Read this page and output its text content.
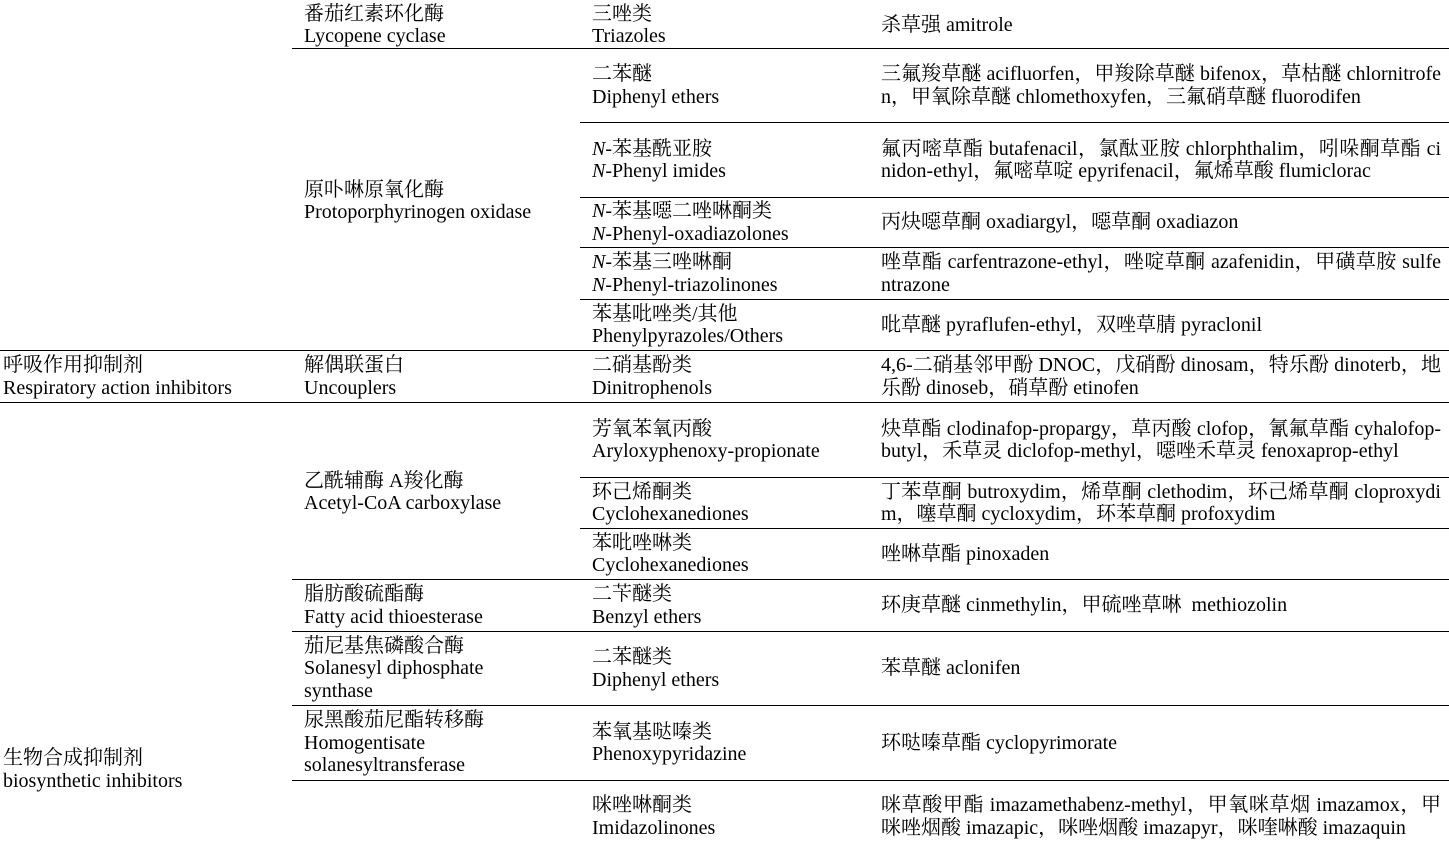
呼吸作用抑制剂
Respiratory action inhibitors
生物合成抑制剂
biosynthetic inhibitors
番茄红素环化酶
Lycopene cyclase
原卟啉原氧化酶
Protoporphyrinogen oxidase
解偶联蛋白
Uncouplers
乙酰辅酶 A羧化酶
Acetyl-CoA carboxylase
脂肪酸硫酯酶
Fatty acid thioesterase
茄尼基焦磷酸合酶
Solanesyl diphosphate
synthase
尿黑酸茄尼酯转移酶
Homogentisate
solanesyltransferase
三唑类
Triazoles
二苯醚
Diphenyl ethers
N-苯基酰亚胺
N-Phenyl imides
N-苯基噁二唑啉酮类
N-Phenyl-oxadiazolones
N-苯基三唑啉酮
N-Phenyl-triazolinones
苯基吡唑类/其他
Phenylpyrazoles/Others
二硝基酚类
Dinitrophenols
芳氧苯氧丙酸
Aryloxyphenoxy-propionate
环己烯酮类
Cyclohexanediones
苯吡唑啉类
Cyclohexanediones
二苄醚类
Benzyl ethers
二苯醚类
Diphenyl ethers
苯氧基哒嗪类
Phenoxypyridazine
咪唑啉酮类
Imidazolinones
杀草强 amitrole
三氟羧草醚 acifluorfen，甲羧除草醚 bifenox，草枯醚 chlornitrofen，甲氧除草醚 chlomethoxyfen，三氟硝草醚 fluorodifen
氟丙嘧草酯 butafenacil，氯酞亚胺 chlorphthalim，吲哚酮草酯 cinidon-ethyl，氟嘧草啶 epyrifenacil，氟烯草酸 flumiclorac
丙炔噁草酮 oxadiargyl，噁草酮 oxadiazon
唑草酯 carfentrazone-ethyl，唑啶草酮 azafenidin，甲磺草胺 sulfentrazone
吡草醚 pyraflufen-ethyl，双唑草腈 pyraclonil
4,6-二硝基邻甲酚 DNOC，戊硝酚 dinosam，特乐酚 dinoterb，地乐酚 dinoseb，硝草酚 etinofen
炔草酯 clodinafop-propargy，草丙酸 clofop，氰氟草酯 cyhalofop-butyl，禾草灵 diclofop-methyl，噁唑禾草灵 fenoxaprop-ethyl
丁苯草酮 butroxydim，烯草酮 clethodim，环己烯草酮 cloproxydim，噻草酮 cycloxydim，环苯草酮 profoxydim
唑啉草酯 pinoxaden
环庚草醚 cinmethylin，甲硫唑草啉  methiozolin
苯草醚 aclonifen
环哒嗪草酯 cyclopyrimorate
咪草酸甲酯 imazamethabenz-methyl，甲氧咪草烟 imazamox，甲咪唑烟酸 imazapic，咪唑烟酸 imazapyr，咪喹啉酸 imazaquin
